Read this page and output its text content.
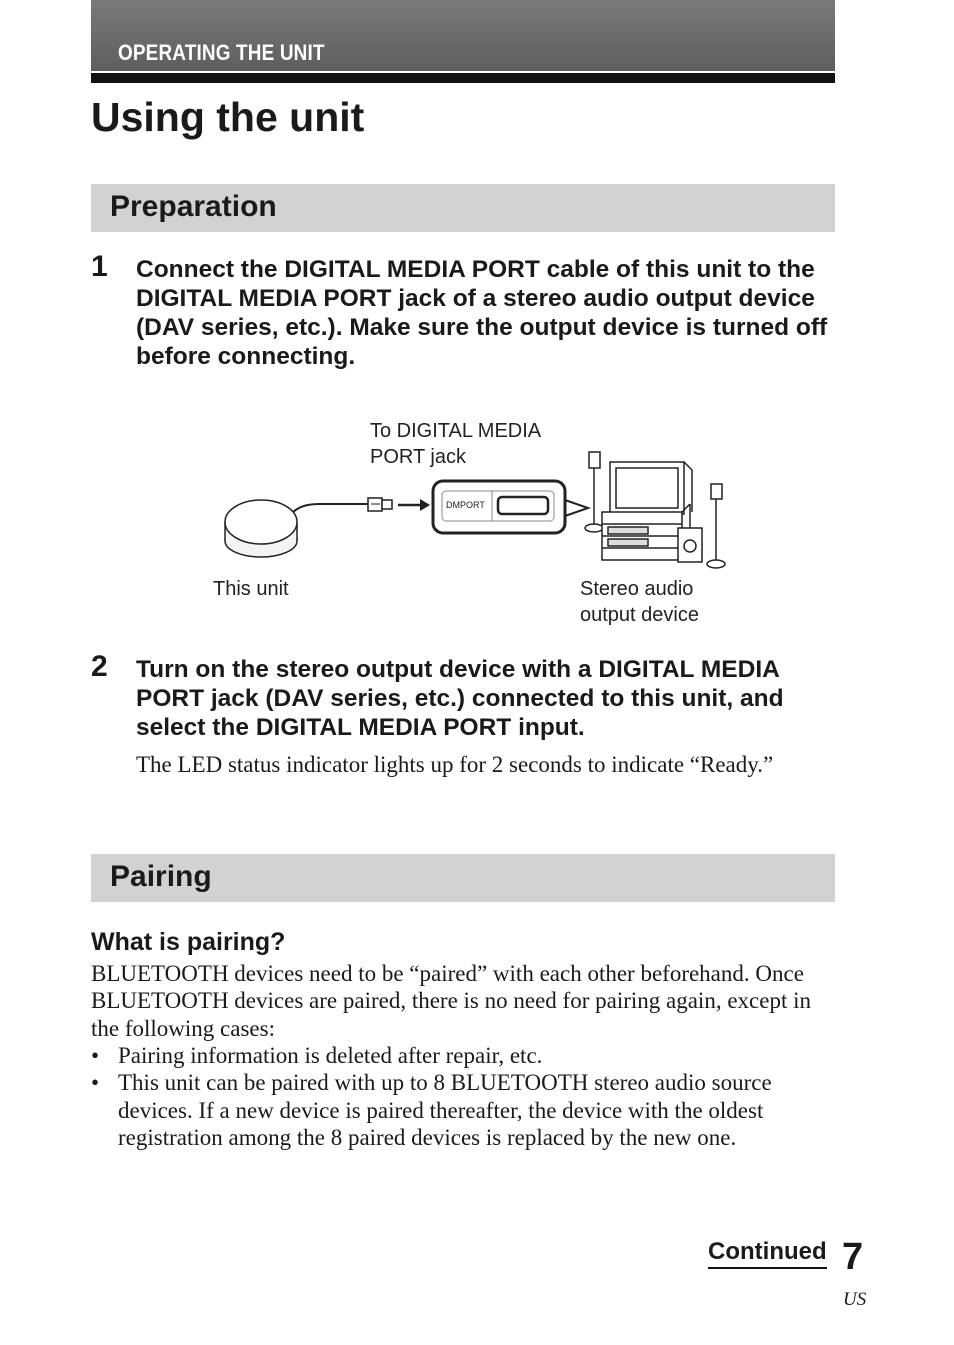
OPERATING THE UNIT
Using the unit
Preparation
1 Connect the DIGITAL MEDIA PORT cable of this unit to the DIGITAL MEDIA PORT jack of a stereo audio output device (DAV series, etc.). Make sure the output device is turned off before connecting.
DMPORT
To DIGITAL MEDIA
PORT jack
This unit	Stereo audio
output device
2 Turn on the stereo output device with a DIGITAL MEDIA PORT jack (DAV series, etc.) connected to this unit, and select the DIGITAL MEDIA PORT input.
The LED status indicator lights up for 2 seconds to indicate “Ready.”
Pairing
What is pairing?
BLUETOOTH devices need to be “paired” with each other beforehand. Once BLUETOOTH devices are paired, there is no need for pairing again, except in the following cases:
• Pairing information is deleted after repair, etc.
• This unit can be paired with up to 8 BLUETOOTH stereo audio source devices. If a new device is paired thereafter, the device with the oldest registration among the 8 paired devices is replaced by the new one.
Continued 7
US
